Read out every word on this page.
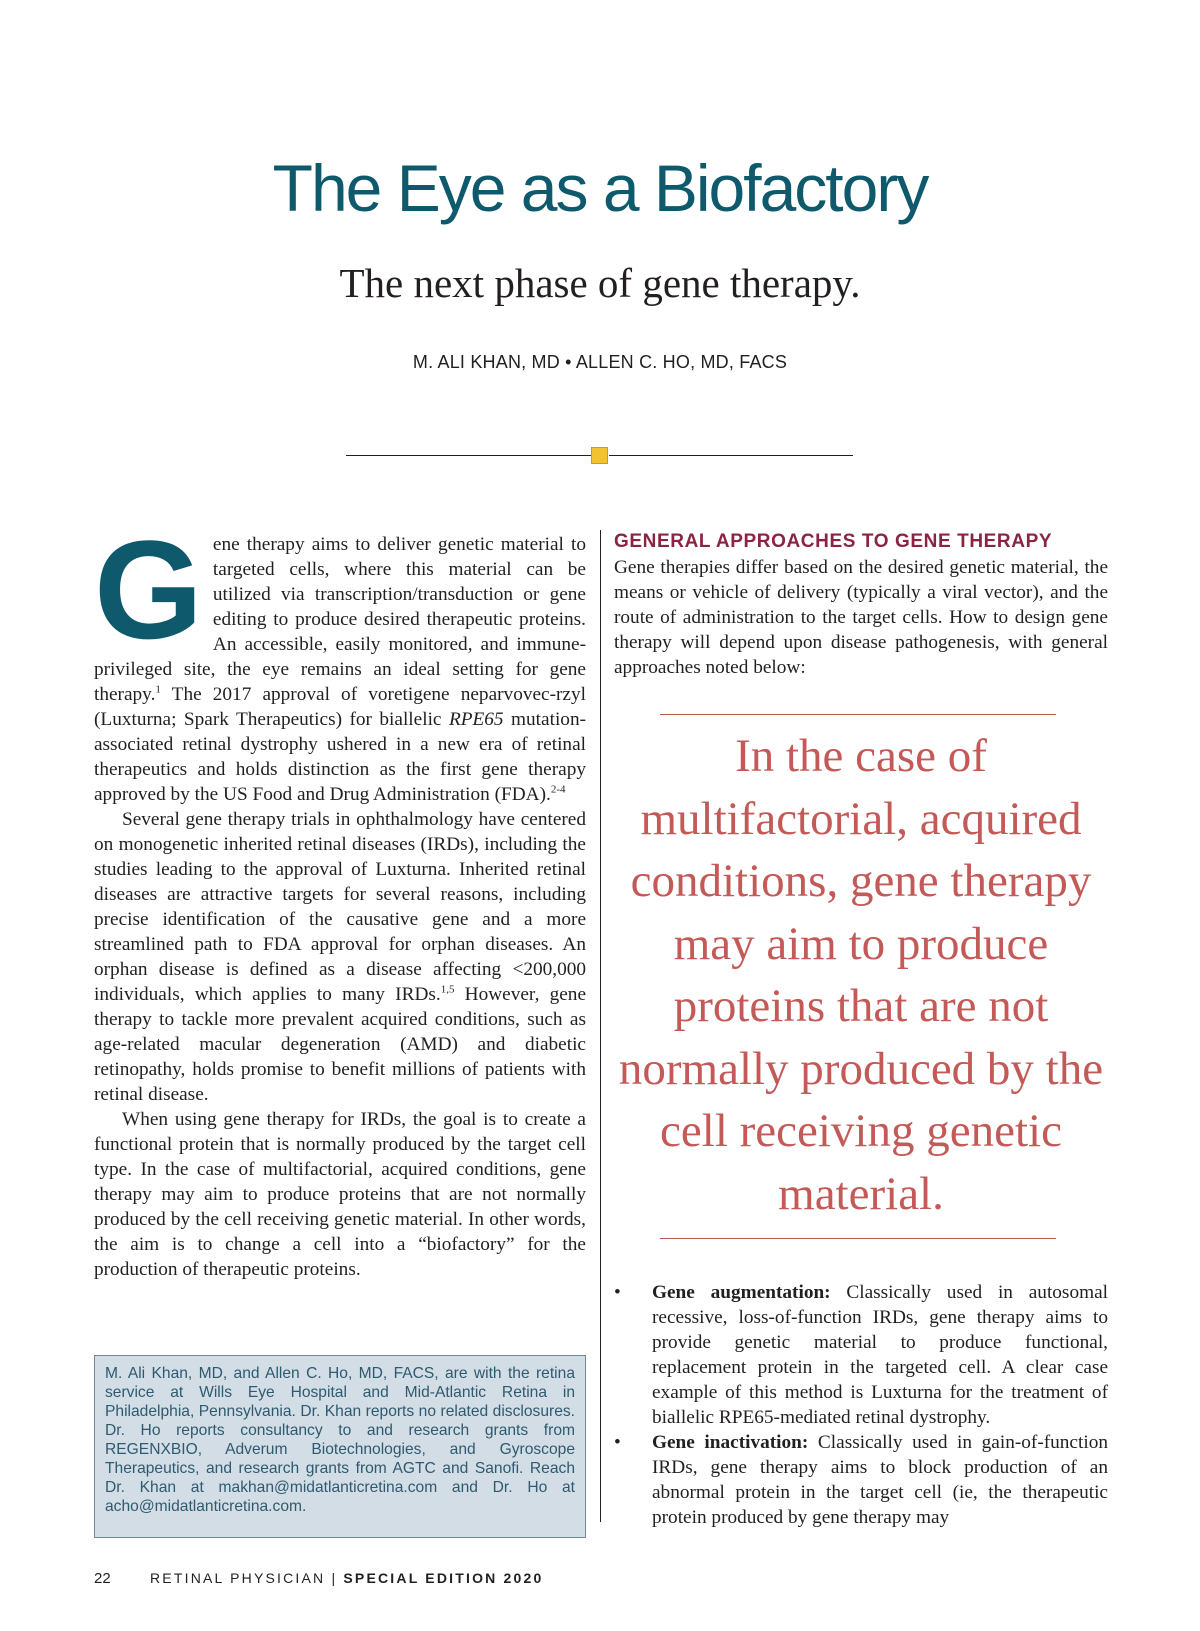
The Eye as a Biofactory
The next phase of gene therapy.
M. ALI KHAN, MD • ALLEN C. HO, MD, FACS

Gene therapy aims to deliver genetic material to targeted cells, where this material can be utilized via transcription/transduction or gene editing to produce desired therapeutic proteins. An accessible, easily monitored, and immune-privileged site, the eye remains an ideal setting for gene therapy.$^1$ The 2017 approval of voretigene neparvovec-rzyl (Luxturna; Spark Therapeutics) for biallelic RPE65 mutation-associated retinal dystrophy ushered in a new era of retinal therapeutics and holds distinction as the first gene therapy approved by the US Food and Drug Administration (FDA).$^{2-4}$

Several gene therapy trials in ophthalmology have centered on monogenetic inherited retinal diseases (IRDs), including the studies leading to the approval of Luxturna. Inherited retinal diseases are attractive targets for several reasons, including precise identification of the causative gene and a more streamlined path to FDA approval for orphan diseases. An orphan disease is defined as a disease affecting <200,000 individuals, which applies to many IRDs.$^{1,5}$ However, gene therapy to tackle more prevalent acquired conditions, such as age-related macular degeneration (AMD) and diabetic retinopathy, holds promise to benefit millions of patients with retinal disease.

When using gene therapy for IRDs, the goal is to create a functional protein that is normally produced by the target cell type. In the case of multifactorial, acquired conditions, gene therapy may aim to produce proteins that are not normally produced by the cell receiving genetic material. In other words, the aim is to change a cell into a “biofactory” for the production of therapeutic proteins.

M. Ali Khan, MD, and Allen C. Ho, MD, FACS, are with the retina service at Wills Eye Hospital and Mid-Atlantic Retina in Philadelphia, Pennsylvania. Dr. Khan reports no related disclosures. Dr. Ho reports consultancy to and research grants from REGENXBIO, Adverum Biotechnologies, and Gyroscope Therapeutics, and research grants from AGTC and Sanofi. Reach Dr. Khan at makhan@midatlanticretina.com and Dr. Ho at acho@midatlanticretina.com.
GENERAL APPROACHES TO GENE THERAPY

Gene therapies differ based on the desired genetic material, the means or vehicle of delivery (typically a viral vector), and the route of administration to the target cells. How to design gene therapy will depend upon disease pathogenesis, with general approaches noted below:

In the case of multifactorial, acquired conditions, gene therapy may aim to produce proteins that are not normally produced by the cell receiving genetic material.
• Gene augmentation: Classically used in autosomal recessive, loss-of-function IRDs, gene therapy aims to provide genetic material to produce functional, replacement protein in the targeted cell. A clear case example of this method is Luxturna for the treatment of biallelic RPE65-mediated retinal dystrophy.
• Gene inactivation: Classically used in gain-of-function IRDs, gene therapy aims to block production of an abnormal protein in the target cell (ie, the therapeutic protein produced by gene therapy may
22	RETINAL PHYSICIAN | SPECIAL EDITION 2020
